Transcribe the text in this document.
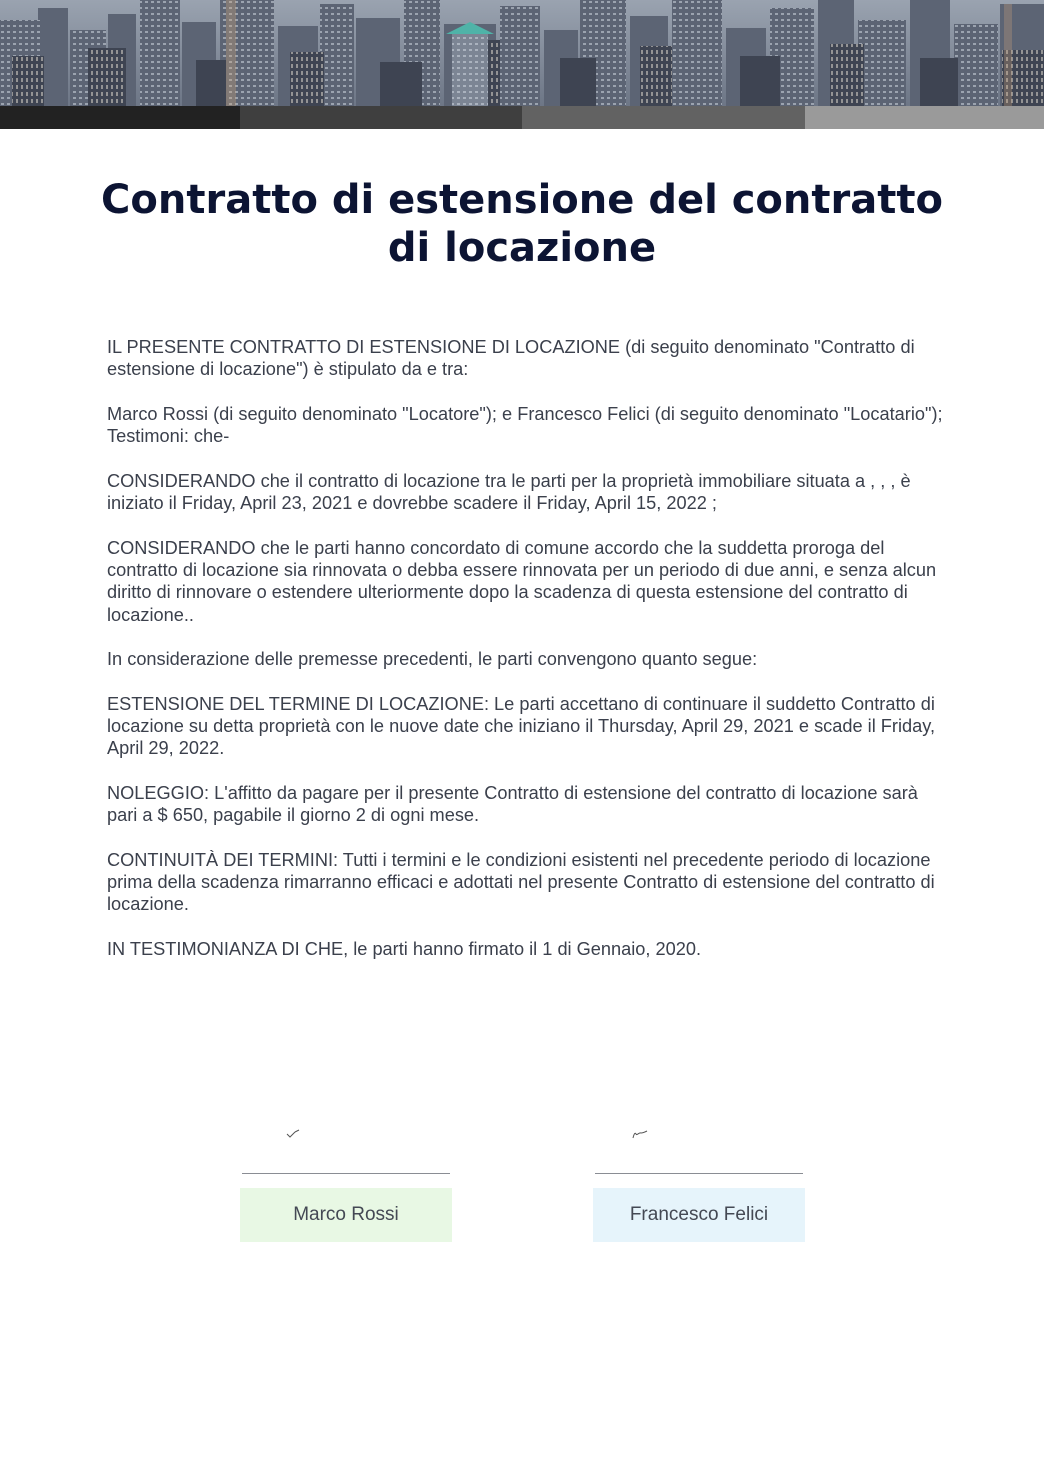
Contratto di estensione del contratto di locazione

IL PRESENTE CONTRATTO DI ESTENSIONE DI LOCAZIONE (di seguito denominato "Contratto di estensione di locazione") è stipulato da e tra:

Marco Rossi (di seguito denominato "Locatore"); e Francesco Felici (di seguito denominato "Locatario"); Testimoni: che-

CONSIDERANDO che il contratto di locazione tra le parti per la proprietà immobiliare situata a , , , è iniziato il Friday, April 23, 2021 e dovrebbe scadere il Friday, April 15, 2022 ;

CONSIDERANDO che le parti hanno concordato di comune accordo che la suddetta proroga del contratto di locazione sia rinnovata o debba essere rinnovata per un periodo di due anni, e senza alcun diritto di rinnovare o estendere ulteriormente dopo la scadenza di questa estensione del contratto di locazione..

In considerazione delle premesse precedenti, le parti convengono quanto segue:

ESTENSIONE DEL TERMINE DI LOCAZIONE: Le parti accettano di continuare il suddetto Contratto di locazione su detta proprietà con le nuove date che iniziano il Thursday, April 29, 2021 e scade il Friday, April 29, 2022.

NOLEGGIO: L'affitto da pagare per il presente Contratto di estensione del contratto di locazione sarà pari a $ 650, pagabile il giorno 2 di ogni mese.

CONTINUITÀ DEI TERMINI: Tutti i termini e le condizioni esistenti nel precedente periodo di locazione prima della scadenza rimarranno efficaci e adottati nel presente Contratto di estensione del contratto di locazione.

IN TESTIMONIANZA DI CHE, le parti hanno firmato il 1 di Gennaio, 2020.

Marco Rossi	Francesco Felici
